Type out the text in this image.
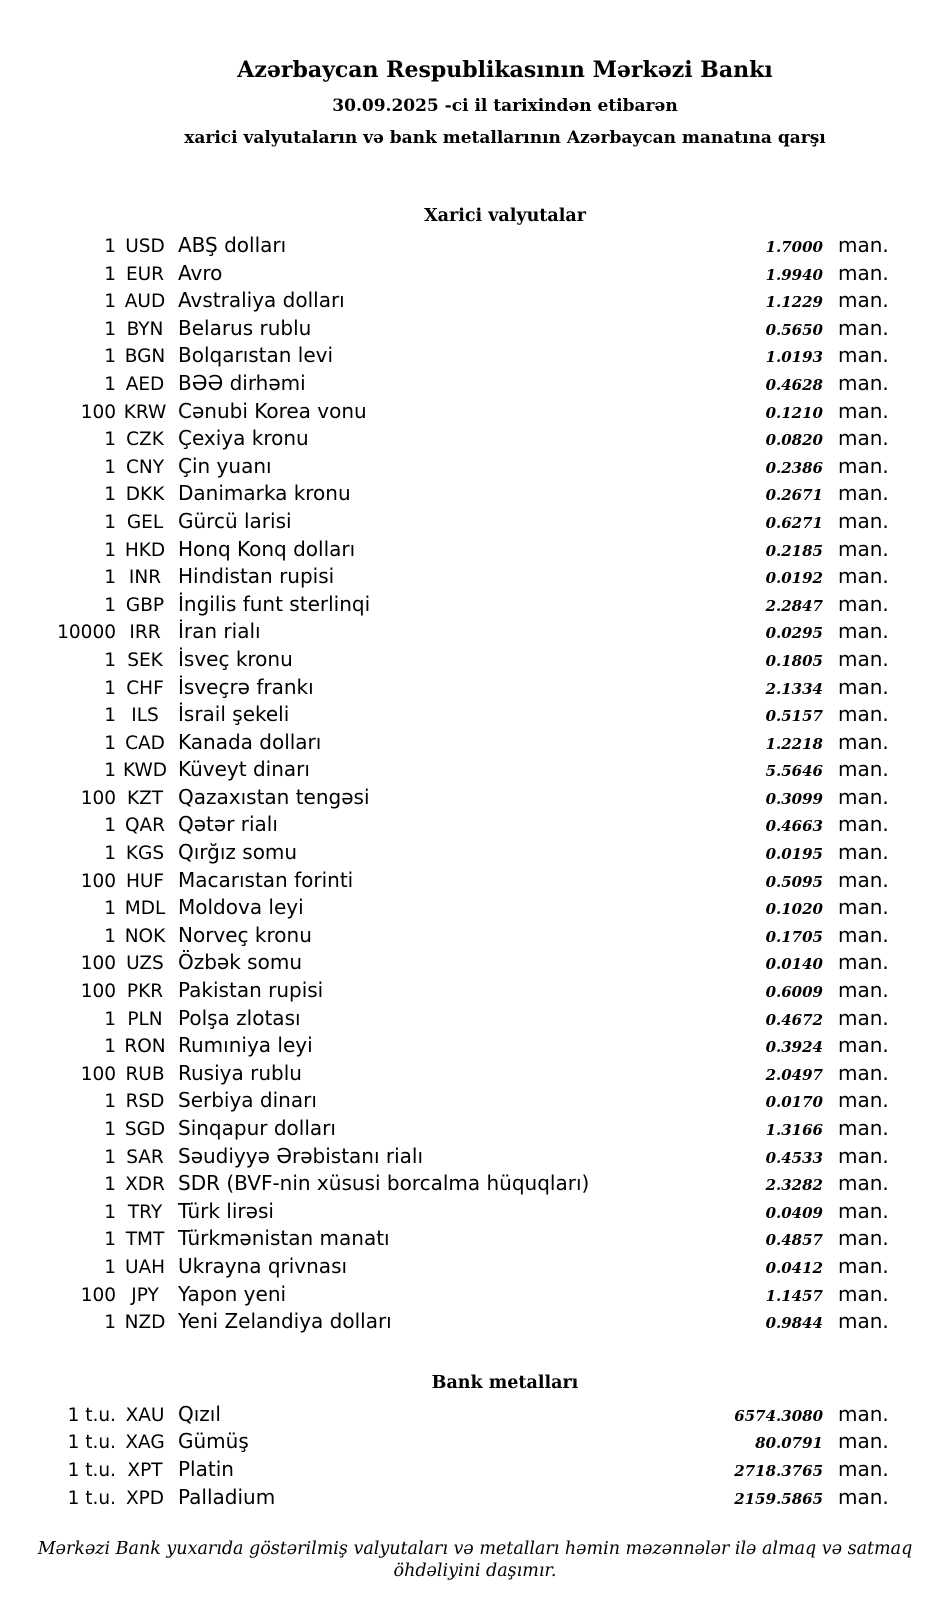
Azərbaycan Respublikasının Mərkəzi Bankı
30.09.2025 -ci il tarixindən etibarən
xarici valyutaların və bank metallarının Azərbaycan manatına qarşı
Xarici valyutalar
1 USD ABŞ dolları	1.7000 man.
1 EUR Avro	1.9940 man.
1 AUD Avstraliya dolları	1.1229 man.
1 BYN Belarus rublu	0.5650 man.
1 BGN Bolqarıstan levi	1.0193 man.
1 AED BƏƏ dirhəmi	0.4628 man.
100 KRW Cənubi Korea vonu	0.1210 man.
1 CZK Çexiya kronu	0.0820 man.
1 CNY Çin yuanı	0.2386 man.
1 DKK Danimarka kronu	0.2671 man.
1 GEL Gürcü larisi	0.6271 man.
1 HKD Honq Konq dolları	0.2185 man.
1 INR Hindistan rupisi	0.0192 man.
1 GBP İngilis funt sterlinqi	2.2847 man.
10000 IRR İran rialı	0.0295 man.
1 SEK İsveç kronu	0.1805 man.
1 CHF İsveçrə frankı	2.1334 man.
1 ILS İsrail şekeli	0.5157 man.
1 CAD Kanada dolları	1.2218 man.
1 KWD Küveyt dinarı	5.5646 man.
100 KZT Qazaxıstan tengəsi	0.3099 man.
1 QAR Qətər rialı	0.4663 man.
1 KGS Qırğız somu	0.0195 man.
100 HUF Macarıstan forinti	0.5095 man.
1 MDL Moldova leyi	0.1020 man.
1 NOK Norveç kronu	0.1705 man.
100 UZS Özbək somu	0.0140 man.
100 PKR Pakistan rupisi	0.6009 man.
1 PLN Polşa zlotası	0.4672 man.
1 RON Rumıniya leyi	0.3924 man.
100 RUB Rusiya rublu	2.0497 man.
1 RSD Serbiya dinarı	0.0170 man.
1 SGD Sinqapur dolları	1.3166 man.
1 SAR Səudiyyə Ərəbistanı rialı	0.4533 man.
1 XDR SDR (BVF-nin xüsusi borcalma hüquqları)	2.3282 man.
1 TRY Türk lirəsi	0.0409 man.
1 TMT Türkmənistan manatı	0.4857 man.
1 UAH Ukrayna qrivnası	0.0412 man.
100 JPY Yapon yeni	1.1457 man.
1 NZD Yeni Zelandiya dolları	0.9844 man.
Bank metalları
1 t.u. XAU Qızıl	6574.3080 man.
1 t.u. XAG Gümüş	80.0791 man.
1 t.u. XPT Platin	2718.3765 man.
1 t.u. XPD Palladium	2159.5865 man.
Mərkəzi Bank yuxarıda göstərilmiş valyutaları və metalları həmin məzənnələr ilə almaq və satmaq öhdəliyini daşımır.
